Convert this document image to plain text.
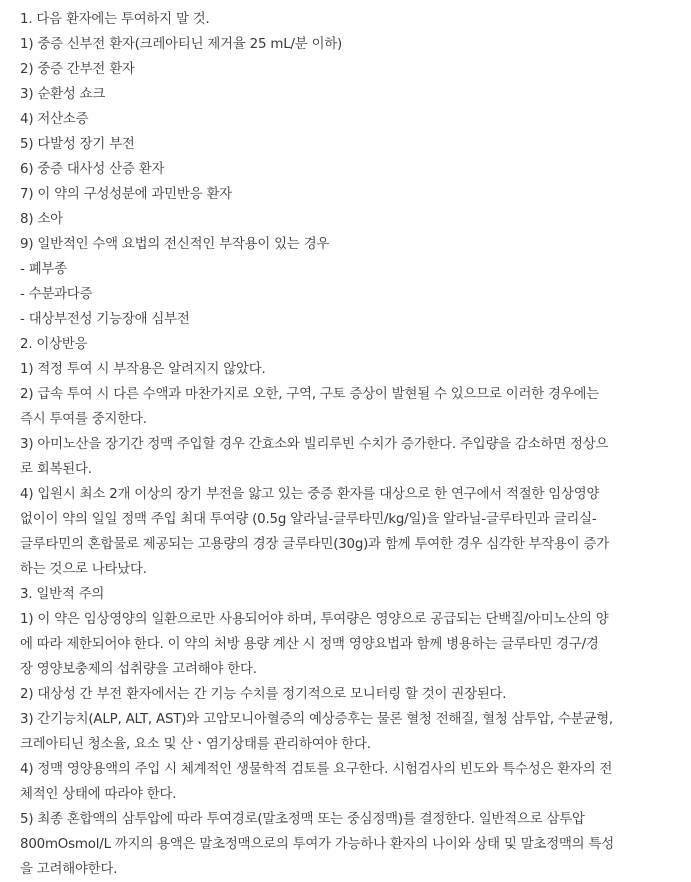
1. 다음 환자에는 투여하지 말 것.
1) 중증 신부전 환자(크레아티닌 제거율 25 mL/분 이하)
2) 중증 간부전 환자
3) 순환성 쇼크
4) 저산소증
5) 다발성 장기 부전
6) 중증 대사성 산증 환자
7) 이 약의 구성성분에 과민반응 환자
8) 소아
9) 일반적인 수액 요법의 전신적인 부작용이 있는 경우
- 폐부종
- 수분과다증
- 대상부전성 기능장애 심부전
2. 이상반응
1) 적정 투여 시 부작용은 알려지지 않았다.
2) 급속 투여 시 다른 수액과 마찬가지로 오한, 구역, 구토 증상이 발현될 수 있으므로 이러한 경우에는
즉시 투여를 중지한다.
3) 아미노산을 장기간 정맥 주입할 경우 간효소와 빌리루빈 수치가 증가한다. 주입량을 감소하면 정상으
로 회복된다.
4) 입원시 최소 2개 이상의 장기 부전을 앓고 있는 중증 환자를 대상으로 한 연구에서 적절한 임상영양
없이이 약의 일일 정맥 주입 최대 투여량 (0.5g 알라닐-글루타민/kg/일)을 알라닐-글루타민과 글리실-
글루타민의 혼합물로 제공되는 고용량의 경장 글루타민(30g)과 함께 투여한 경우 심각한 부작용이 증가
하는 것으로 나타났다.
3. 일반적 주의
1) 이 약은 임상영양의 일환으로만 사용되어야 하며, 투여량은 영양으로 공급되는 단백질/아미노산의 양
에 따라 제한되어야 한다. 이 약의 처방 용량 계산 시 정맥 영양요법과 함께 병용하는 글루타민 경구/경
장 영양보충제의 섭취량을 고려해야 한다.
2) 대상성 간 부전 환자에서는 간 기능 수치를 정기적으로 모니터링 할 것이 권장된다.
3) 간기능치(ALP, ALT, AST)와 고암모니아혈증의 예상증후는 물론 혈청 전해질, 혈청 삼투압, 수분균형,
크레아티닌 청소율, 요소 및 산ㆍ염기상태를 관리하여야 한다.
4) 정맥 영양용액의 주입 시 체계적인 생물학적 검토를 요구한다. 시험검사의 빈도와 특수성은 환자의 전
체적인 상태에 따라야 한다.
5) 최종 혼합액의 삼투압에 따라 투여경로(말초정맥 또는 중심정맥)를 결정한다. 일반적으로 삼투압
800mOsmol/L 까지의 용액은 말초정맥으로의 투여가 가능하나 환자의 나이와 상태 및 말초정맥의 특성
을 고려해야한다.
